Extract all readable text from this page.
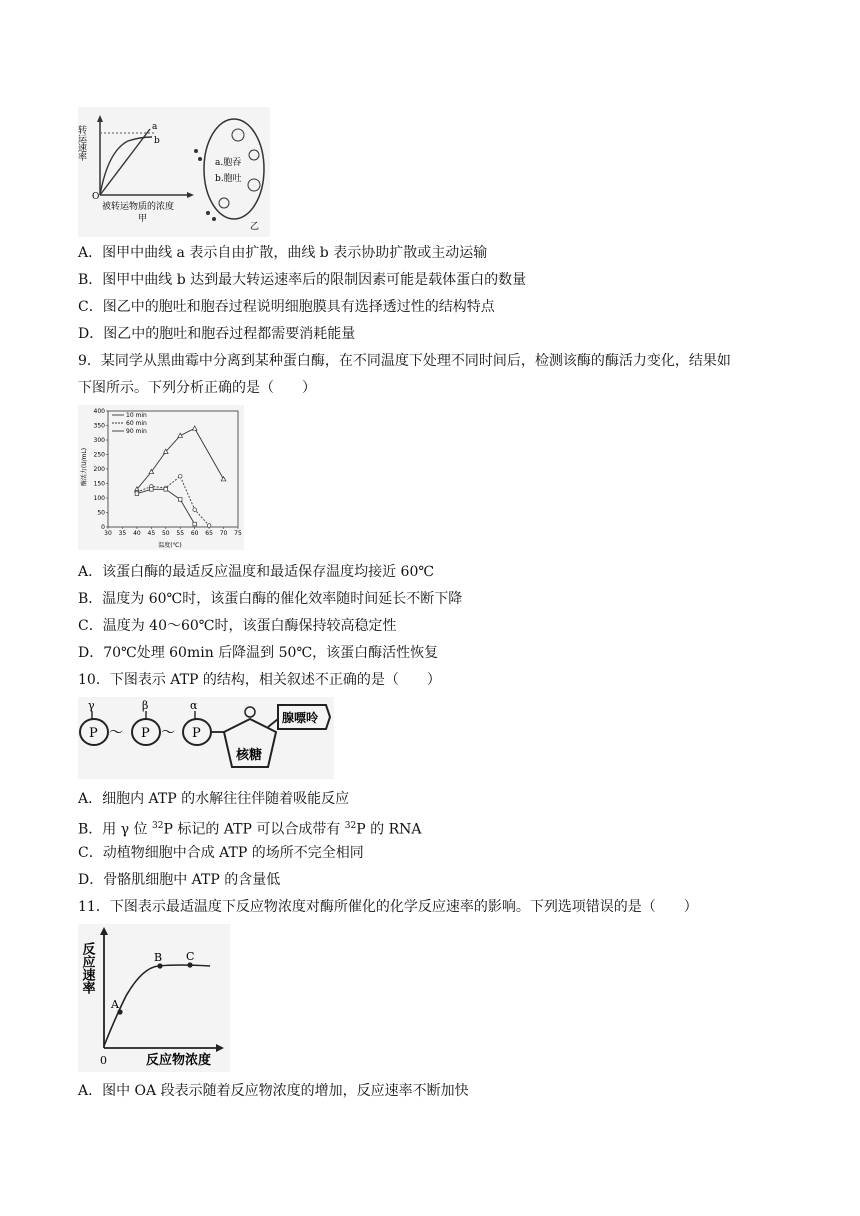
a
b
O
转运速率
被转运物质的浓度
甲
a.胞吞
b.胞吐
乙
A．图甲中曲线 a 表示自由扩散，曲线 b 表示协助扩散或主动运输
B．图甲中曲线 b 达到最大转运速率后的限制因素可能是载体蛋白的数量
C．图乙中的胞吐和胞吞过程说明细胞膜具有选择透过性的结构特点
D．图乙中的胞吐和胞吞过程都需要消耗能量
9．某同学从黑曲霉中分离到某种蛋白酶，在不同温度下处理不同时间后，检测该酶的酶活力变化，结果如
下图所示。下列分析正确的是（　　）
0
50
100
150
200
250
300
350
400
30 35 40 45 50 55 60 65 70 75
10 min
60 min
90 min
酶活力(U/mL)
温度(℃)
A．该蛋白酶的最适反应温度和最适保存温度均接近 60℃
B．温度为 60℃时，该蛋白酶的催化效率随时间延长不断下降
C．温度为 40～60℃时，该蛋白酶保持较高稳定性
D．70℃处理 60min 后降温到 50℃，该蛋白酶活性恢复
10．下图表示 ATP 的结构，相关叙述不正确的是（　　）
γ	β	α
P	P	P
～	～
核糖
腺嘌呤
A．细胞内 ATP 的水解往往伴随着吸能反应
B．用 γ 位 $^{32}$P 标记的 ATP 可以合成带有 $^{32}$P 的 RNA
C．动植物细胞中合成 ATP 的场所不完全相同
D．骨骼肌细胞中 ATP 的含量低
11．下图表示最适温度下反应物浓度对酶所催化的化学反应速率的影响。下列选项错误的是（　　）
A
B C
反应速率
0	反应物浓度
A．图中 OA 段表示随着反应物浓度的增加，反应速率不断加快
